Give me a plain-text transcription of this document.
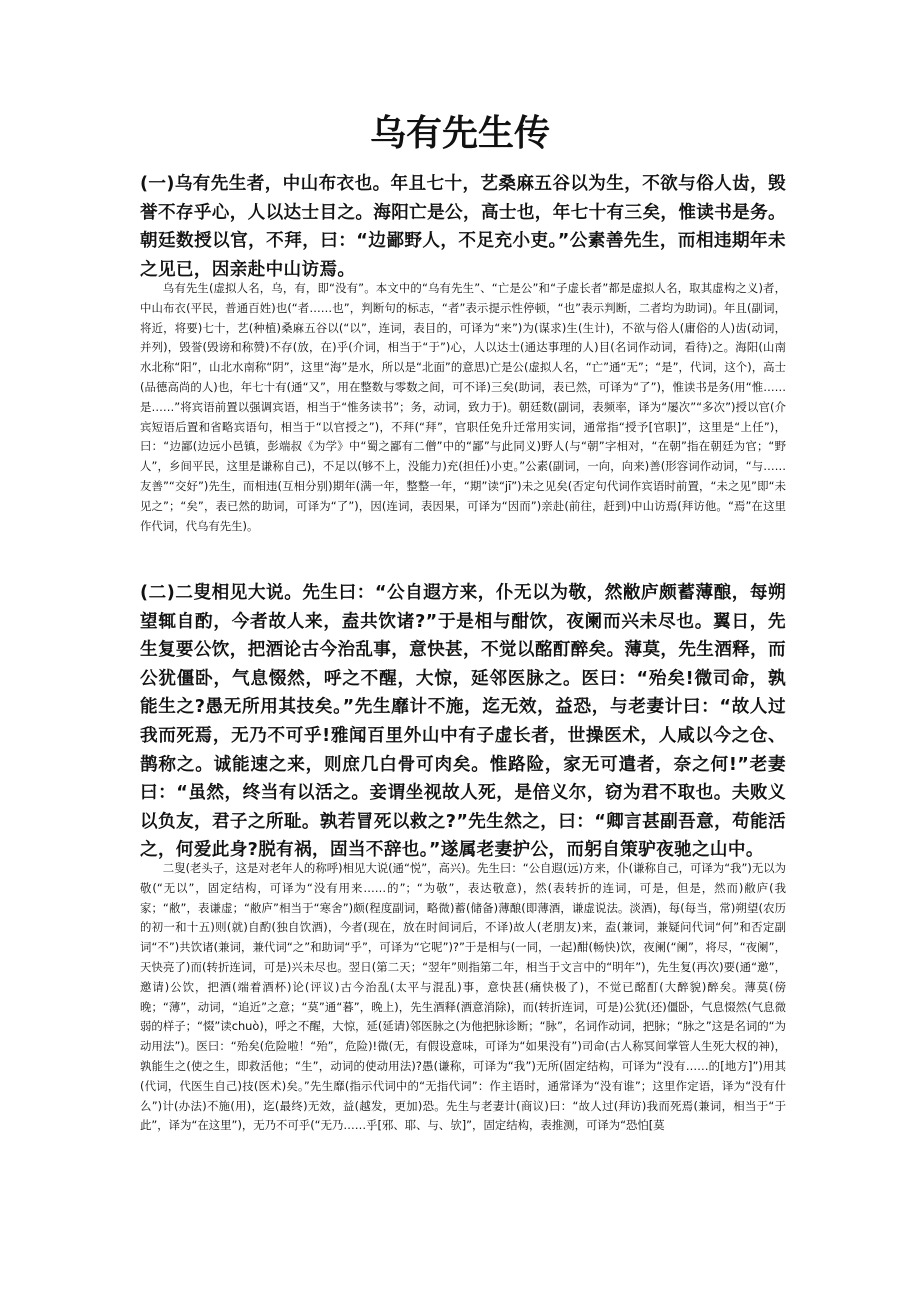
乌有先生传

(一)乌有先生者，中山布衣也。年且七十，艺桑麻五谷以为生，不欲与俗人齿，毁誉不存乎心，人以达士目之。海阳亡是公，高士也，年七十有三矣，惟读书是务。朝廷数授以官，不拜，曰：“边鄙野人，不足充小吏。”公素善先生，而相违期年未之见已，因亲赴中山访焉。

乌有先生(虚拟人名，乌，有，即“没有”。本文中的“乌有先生”、“亡是公”和“子虚长者”都是虚拟人名，取其虚构之义)者，中山布衣(平民，普通百姓)也(“者……也”，判断句的标志，“者”表示提示性停顿，“也”表示判断，二者均为助词)。年且(副词，将近，将要)七十，艺(种植)桑麻五谷以(“以”，连词，表目的，可译为“来”)为(谋求)生(生计)，不欲与俗人(庸俗的人)齿(动词，并列)，毁誉(毁谤和称赞)不存(放，在)乎(介词，相当于“于”)心，人以达士(通达事理的人)目(名词作动词，看待)之。海阳(山南水北称“阳”，山北水南称“阴”，这里“海”是水，所以是“北面”的意思)亡是公(虚拟人名，“亡”通“无”；“是”，代词，这个)，高士(品德高尚的人)也，年七十有(通“又”，用在整数与零数之间，可不译)三矣(助词，表已然，可译为“了”)，惟读书是务(用“惟……是……”将宾语前置以强调宾语，相当于“惟务读书”；务，动词，致力于)。朝廷数(副词，表频率，译为“屡次”“多次”)授以官(介宾短语后置和省略宾语句，相当于“以官授之”)，不拜(“拜”，官职任免升迁常用实词，通常指“授予[官职]”，这里是“上任”)，曰：“边鄙(边远小邑镇，彭端叔《为学》中“蜀之鄙有二僧”中的“鄙”与此同义)野人(与“朝”字相对，“在朝”指在朝廷为官；“野人”，乡间平民，这里是谦称自己)，不足以(够不上，没能力)充(担任)小吏。”公素(副词，一向，向来)善(形容词作动词，“与……友善”“交好”)先生，而相违(互相分别)期年(满一年，整整一年，“期”读“jī”)未之见矣(否定句代词作宾语时前置，“未之见”即“未见之”；“矣”，表已然的助词，可译为“了”)，因(连词，表因果，可译为“因而”)亲赴(前往，赶到)中山访焉(拜访他。“焉”在这里作代词，代乌有先生)。

(二)二叟相见大说。先生曰：“公自遐方来，仆无以为敬，然敝庐颇蓄薄酿，每朔望辄自酌，今者故人来，盍共饮诸?”于是相与酣饮，夜阑而兴未尽也。翼日，先生复要公饮，把酒论古今治乱事，意快甚，不觉以酩酊醉矣。薄莫，先生酒释，而公犹僵卧，气息惙然，呼之不醒，大惊，延邻医脉之。医曰：“殆矣!微司命，孰能生之?愚无所用其技矣。”先生靡计不施，迄无效，益恐，与老妻计曰：“故人过我而死焉，无乃不可乎!雅闻百里外山中有子虚长者，世操医术，人咸以今之仓、鹊称之。诚能速之来，则庶几白骨可肉矣。惟路险，家无可遣者，奈之何!”老妻曰：“虽然，终当有以活之。妾谓坐视故人死，是倍义尔，窃为君不取也。夫败义以负友，君子之所耻。孰若冒死以救之?”先生然之，曰：“卿言甚副吾意，苟能活之，何爱此身?脱有祸，固当不辞也。”遂属老妻护公，而躬自策驴夜驰之山中。

二叟(老头子，这是对老年人的称呼)相见大说(通“悦”，高兴)。先生曰：“公自遐(远)方来，仆(谦称自己，可译为“我”)无以为敬(“无以”，固定结构，可译为“没有用来……的”；“为敬”，表达敬意)，然(表转折的连词，可是，但是，然而)敝庐(我家；“敝”，表谦虚；“敝庐”相当于“寒舍”)颇(程度副词，略微)蓄(储备)薄酿(即薄酒，谦虚说法。淡酒)，每(每当，常)朔望(农历的初一和十五)则(就)自酌(独自饮酒)，今者(现在，放在时间词后，不译)故人(老朋友)来，盍(兼词，兼疑问代词“何”和否定副词“不”)共饮诸(兼词，兼代词“之”和助词“乎”，可译为“它呢”)?”于是相与(一同，一起)酣(畅快)饮，夜阑(“阑”，将尽，“夜阑”，天快亮了)而(转折连词，可是)兴未尽也。翌日(第二天；“翌年”则指第二年，相当于文言中的“明年”)，先生复(再次)要(通“邀”，邀请)公饮，把酒(端着酒杯)论(评议)古今治乱(太平与混乱)事，意快甚(痛快极了)，不觉已酩酊(大醉貌)醉矣。薄莫(傍晚；“薄”，动词，“追近”之意；“莫”通“暮”，晚上)，先生酒释(酒意消除)，而(转折连词，可是)公犹(还)僵卧，气息惙然(气息微弱的样子；“惙”读chuò)，呼之不醒，大惊，延(延请)邻医脉之(为他把脉诊断；“脉”，名词作动词，把脉；“脉之”这是名词的“为动用法”)。医曰：“殆矣(危险啦！“殆”，危险)!微(无，有假设意味，可译为“如果没有”)司命(古人称冥间掌管人生死大权的神)，孰能生之(使之生，即救活他；“生”，动词的使动用法)?愚(谦称，可译为“我”)无所(固定结构，可译为“没有……的[地方]”)用其(代词，代医生自己)技(医术)矣。”先生靡(指示代词中的“无指代词”：作主语时，通常译为“没有谁”；这里作定语，译为“没有什么”)计(办法)不施(用)，迄(最终)无效，益(越发，更加)恐。先生与老妻计(商议)曰：“故人过(拜访)我而死焉(兼词，相当于“于此”，译为“在这里”)，无乃不可乎(“无乃……乎[邪、耶、与、欤]”，固定结构，表推测，可译为“恐怕[莫
